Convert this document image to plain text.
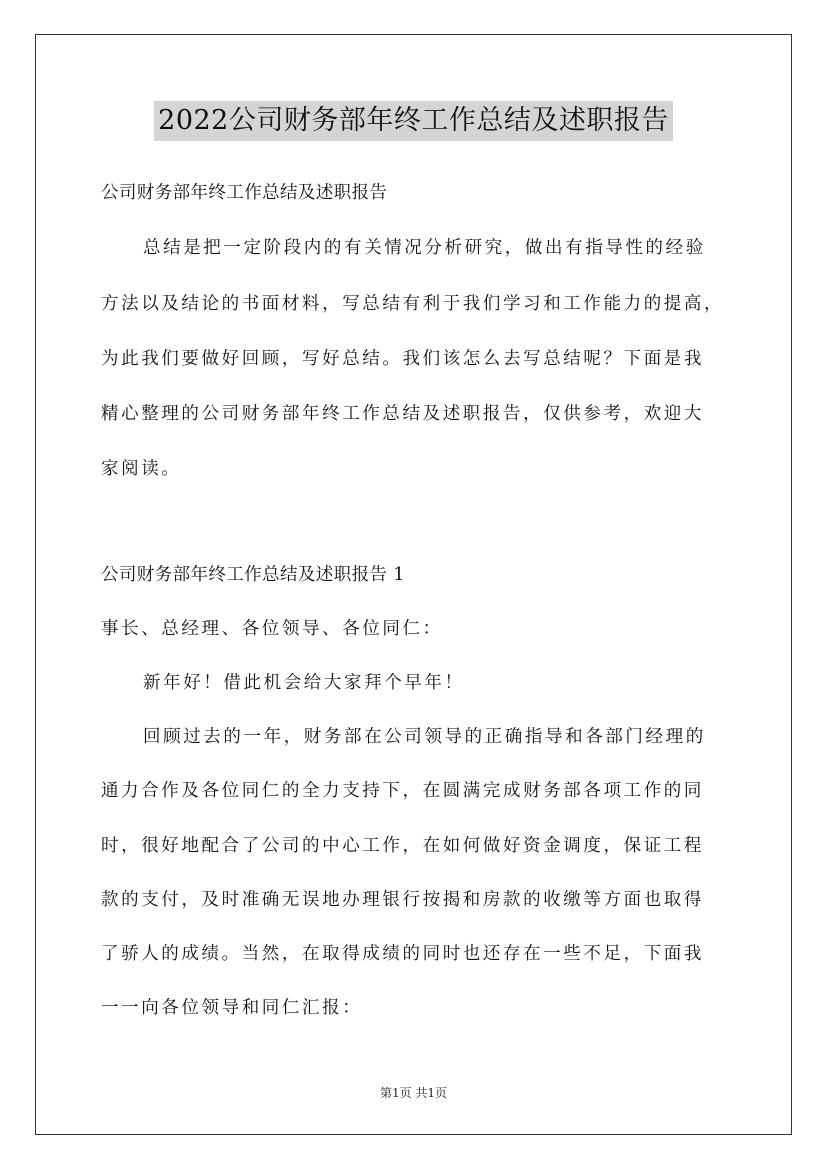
2022公司财务部年终工作总结及述职报告
公司财务部年终工作总结及述职报告
总结是把一定阶段内的有关情况分析研究，做出有指导性的经验
方法以及结论的书面材料，写总结有利于我们学习和工作能力的提高，
为此我们要做好回顾，写好总结。我们该怎么去写总结呢？下面是我
精心整理的公司财务部年终工作总结及述职报告，仅供参考，欢迎大
家阅读。
公司财务部年终工作总结及述职报告 1
事长、总经理、各位领导、各位同仁：
新年好！借此机会给大家拜个早年！
回顾过去的一年，财务部在公司领导的正确指导和各部门经理的
通力合作及各位同仁的全力支持下，在圆满完成财务部各项工作的同
时，很好地配合了公司的中心工作，在如何做好资金调度，保证工程
款的支付，及时准确无误地办理银行按揭和房款的收缴等方面也取得
了骄人的成绩。当然，在取得成绩的同时也还存在一些不足，下面我
一一向各位领导和同仁汇报：
第1页 共1页
